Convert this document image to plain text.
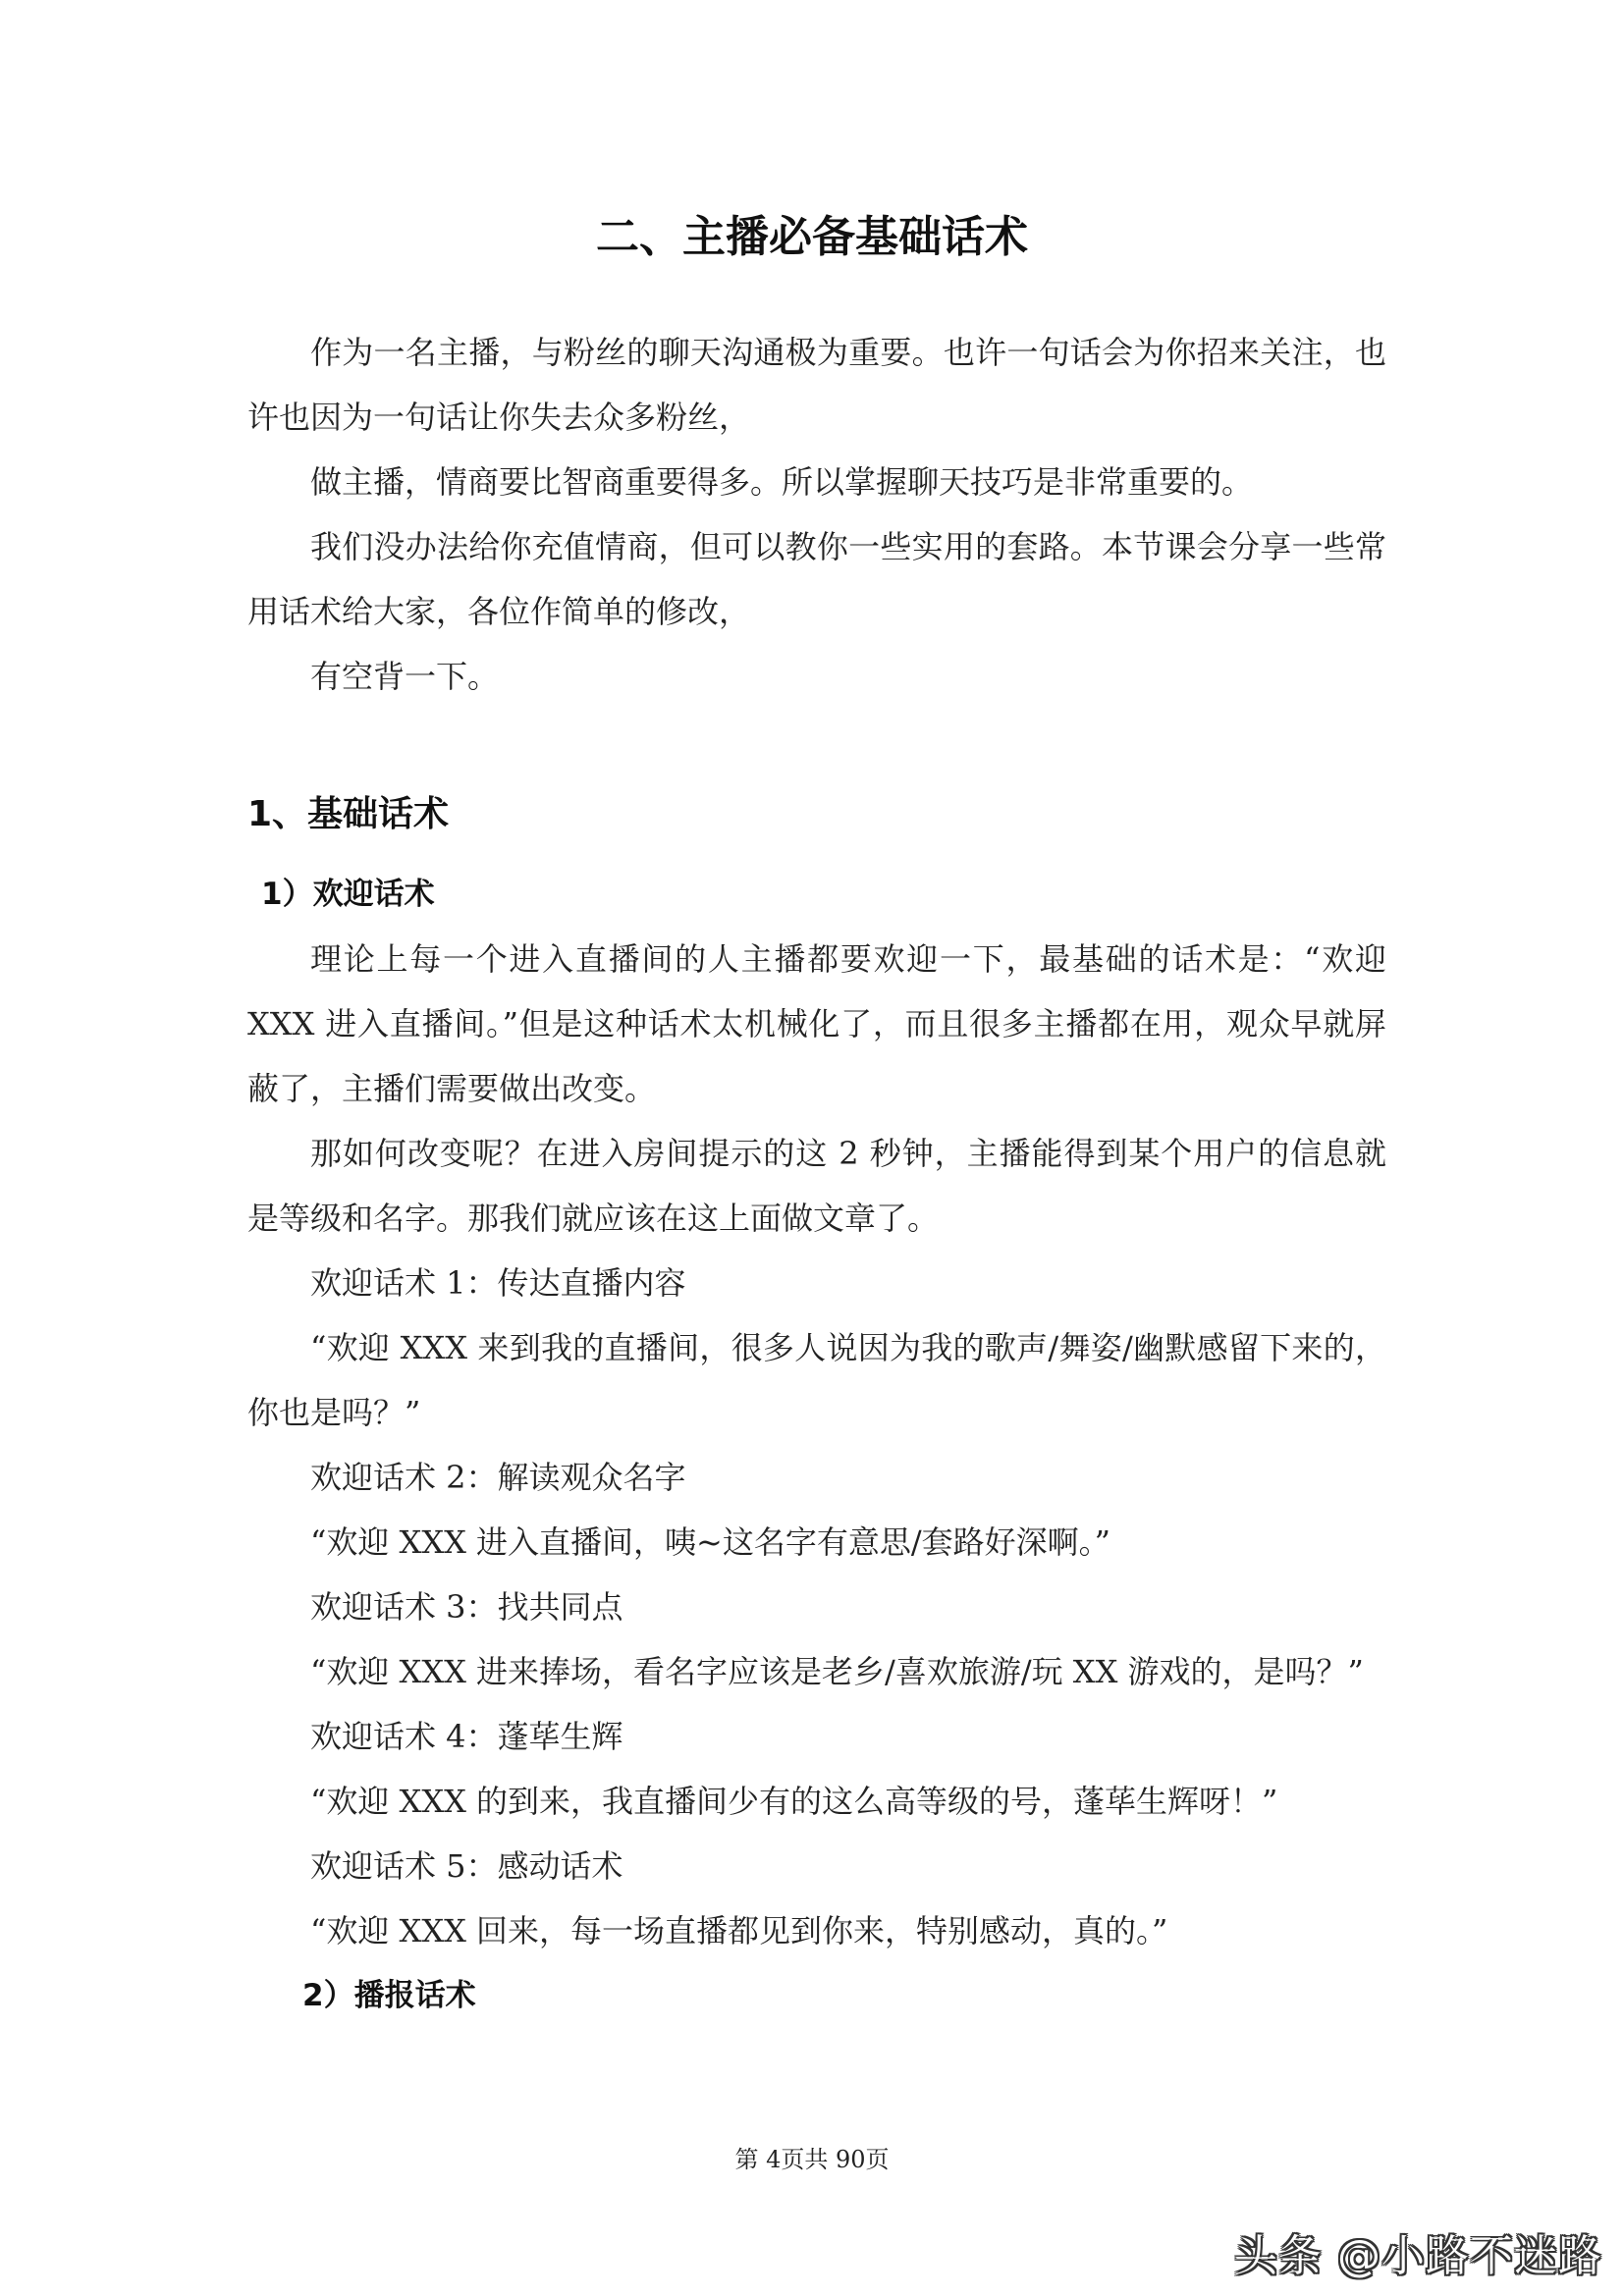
二、主播必备基础话术

作为一名主播，与粉丝的聊天沟通极为重要。也许一句话会为你招来关注，也许也因为一句话让你失去众多粉丝，

做主播，情商要比智商重要得多。所以掌握聊天技巧是非常重要的。

我们没办法给你充值情商，但可以教你一些实用的套路。本节课会分享一些常用话术给大家，各位作简单的修改，

有空背一下。

1、基础话术

1）欢迎话术

理论上每一个进入直播间的人主播都要欢迎一下，最基础的话术是：“欢迎 XXX 进入直播间。”但是这种话术太机械化了，而且很多主播都在用，观众早就屏蔽了，主播们需要做出改变。

那如何改变呢？在进入房间提示的这 2 秒钟，主播能得到某个用户的信息就是等级和名字。那我们就应该在这上面做文章了。

欢迎话术 1：传达直播内容

“欢迎 XXX 来到我的直播间，很多人说因为我的歌声/舞姿/幽默感留下来的，你也是吗？”

欢迎话术 2：解读观众名字

“欢迎 XXX 进入直播间，咦~这名字有意思/套路好深啊。”

欢迎话术 3：找共同点

“欢迎 XXX 进来捧场，看名字应该是老乡/喜欢旅游/玩 XX 游戏的，是吗？”

欢迎话术 4：蓬荜生辉

“欢迎 XXX 的到来，我直播间少有的这么高等级的号，蓬荜生辉呀！”

欢迎话术 5：感动话术

“欢迎 XXX 回来，每一场直播都见到你来，特别感动，真的。”

2）播报话术

第 4页共 90页
头条 @小路不迷路
